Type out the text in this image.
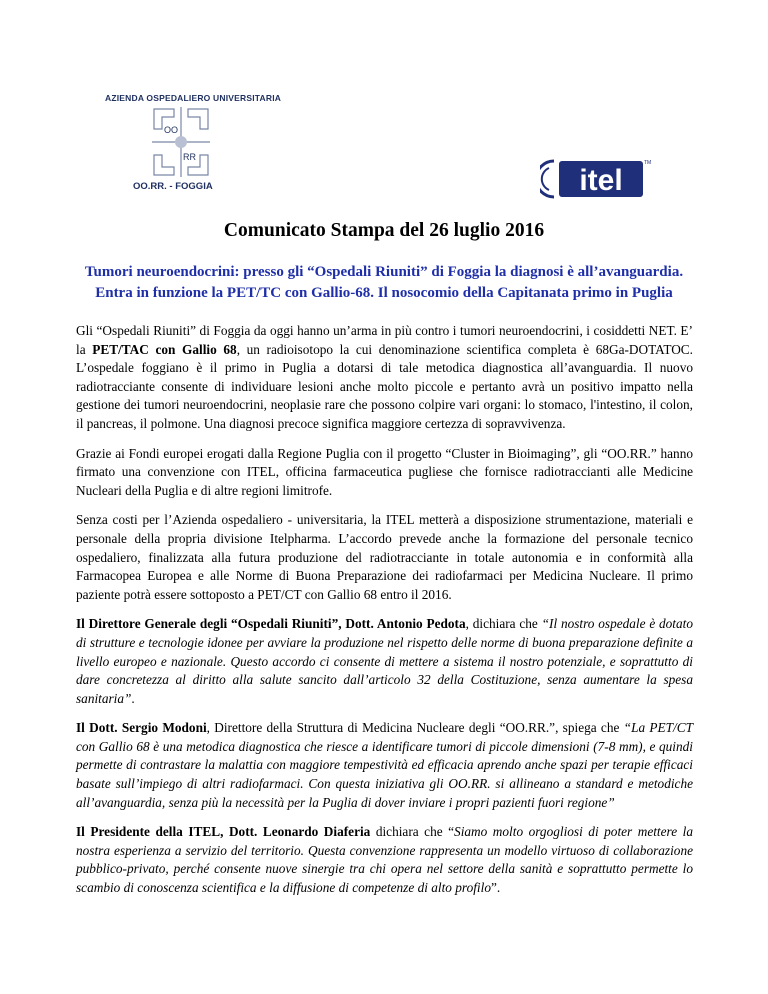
AZIENDA OSPEDALIERO UNIVERSITARIA
OO
RR
OO.RR. - FOGGIA	itel
TM
Comunicato Stampa del 26 luglio 2016
Tumori neuroendocrini: presso gli “Ospedali Riuniti” di Foggia la diagnosi è all’avanguardia.
Entra in funzione la PET/TC con Gallio-68. Il nosocomio della Capitanata primo in Puglia

Gli “Ospedali Riuniti” di Foggia da oggi hanno un’arma in più contro i tumori neuroendocrini, i cosiddetti NET. E’ la PET/TAC con Gallio 68, un radioisotopo la cui denominazione scientifica completa è 68Ga-DOTATOC. L’ospedale foggiano è il primo in Puglia a dotarsi di tale metodica diagnostica all’avanguardia. Il nuovo radiotracciante consente di individuare lesioni anche molto piccole e pertanto avrà un positivo impatto nella gestione dei tumori neuroendocrini, neoplasie rare che possono colpire vari organi: lo stomaco, l'intestino, il colon, il pancreas, il polmone. Una diagnosi precoce significa maggiore certezza di sopravvivenza.

Grazie ai Fondi europei erogati dalla Regione Puglia con il progetto “Cluster in Bioimaging”, gli “OO.RR.” hanno firmato una convenzione con ITEL, officina farmaceutica pugliese che fornisce radiotraccianti alle Medicine Nucleari della Puglia e di altre regioni limitrofe.

Senza costi per l’Azienda ospedaliero - universitaria, la ITEL metterà a disposizione strumentazione, materiali e personale della propria divisione Itelpharma. L’accordo prevede anche la formazione del personale tecnico ospedaliero, finalizzata alla futura produzione del radiotracciante in totale autonomia e in conformità alla Farmacopea Europea e alle Norme di Buona Preparazione dei radiofarmaci per Medicina Nucleare. Il primo paziente potrà essere sottoposto a PET/CT con Gallio 68 entro il 2016.

Il Direttore Generale degli “Ospedali Riuniti”, Dott. Antonio Pedota, dichiara che “Il nostro ospedale è dotato di strutture e tecnologie idonee per avviare la produzione nel rispetto delle norme di buona preparazione definite a livello europeo e nazionale. Questo accordo ci consente di mettere a sistema il nostro potenziale, e soprattutto di dare concretezza al diritto alla salute sancito dall’articolo 32 della Costituzione, senza aumentare la spesa sanitaria”.

Il Dott. Sergio Modoni, Direttore della Struttura di Medicina Nucleare degli “OO.RR.”, spiega che “La PET/CT con Gallio 68 è una metodica diagnostica che riesce a identificare tumori di piccole dimensioni (7-8 mm), e quindi permette di contrastare la malattia con maggiore tempestività ed efficacia aprendo anche spazi per terapie efficaci basate sull’impiego di altri radiofarmaci. Con questa iniziativa gli OO.RR. si allineano a standard e metodiche all’avanguardia, senza più la necessità per la Puglia di dover inviare i propri pazienti fuori regione”

Il Presidente della ITEL, Dott. Leonardo Diaferia dichiara che “Siamo molto orgogliosi di poter mettere la nostra esperienza a servizio del territorio. Questa convenzione rappresenta un modello virtuoso di collaborazione pubblico-privato, perché consente nuove sinergie tra chi opera nel settore della sanità e soprattutto permette lo scambio di conoscenza scientifica e la diffusione di competenze di alto profilo”.
